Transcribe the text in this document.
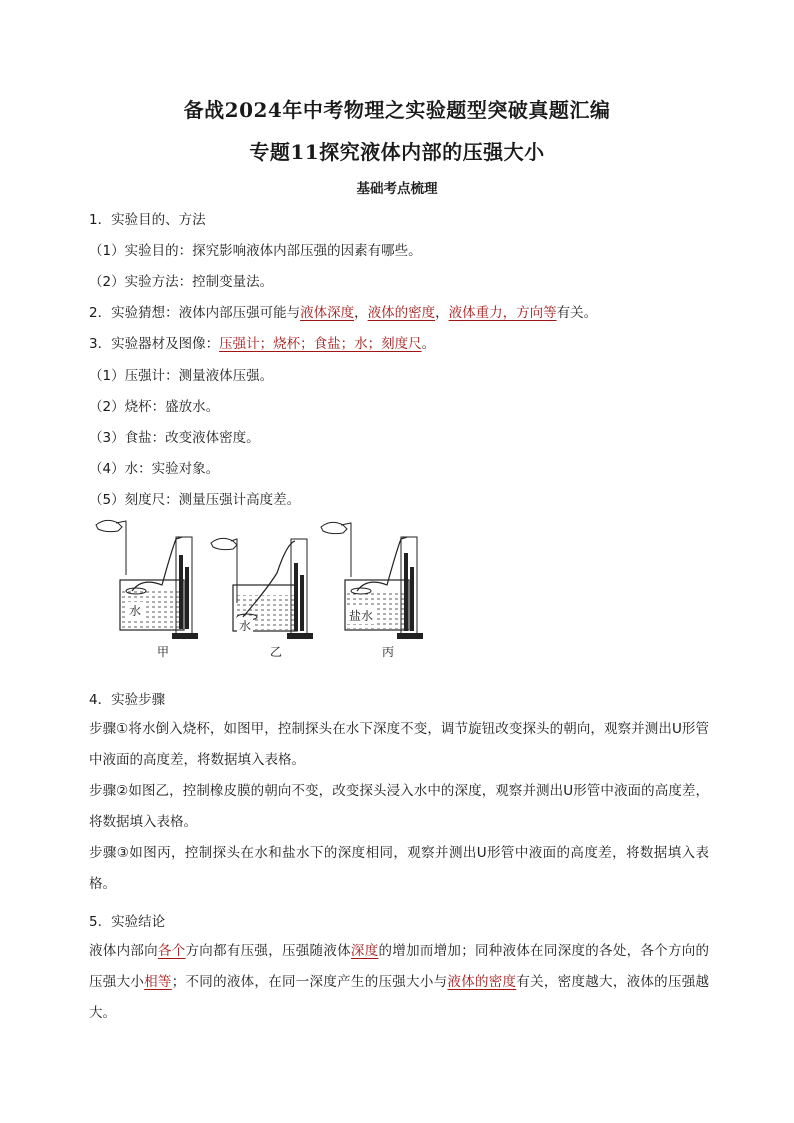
备战2024年中考物理之实验题型突破真题汇编
专题11探究液体内部的压强大小
基础考点梳理
1．实验目的、方法
（1）实验目的：探究影响液体内部压强的因素有哪些。
（2）实验方法：控制变量法。
2．实验猜想：液体内部压强可能与液体深度，液体的密度，液体重力，方向等有关。
3．实验器材及图像：压强计；烧杯；食盐；水；刻度尺。
（1）压强计：测量液体压强。
（2）烧杯：盛放水。
（3）食盐：改变液体密度。
（4）水：实验对象。
（5）刻度尺：测量压强计高度差。
水
水
盐水
甲	乙	丙
4．实验步骤
步骤①将水倒入烧杯，如图甲，控制探头在水下深度不变，调节旋钮改变探头的朝向，观察并测出U形管中液面的高度差，将数据填入表格。
步骤②如图乙，控制橡皮膜的朝向不变，改变探头浸入水中的深度，观察并测出U形管中液面的高度差，将数据填入表格。
步骤③如图丙，控制探头在水和盐水下的深度相同，观察并测出U形管中液面的高度差，将数据填入表格。
5．实验结论
液体内部向各个方向都有压强，压强随液体深度的增加而增加；同种液体在同深度的各处，各个方向的压强大小相等；不同的液体，在同一深度产生的压强大小与液体的密度有关，密度越大，液体的压强越大。
